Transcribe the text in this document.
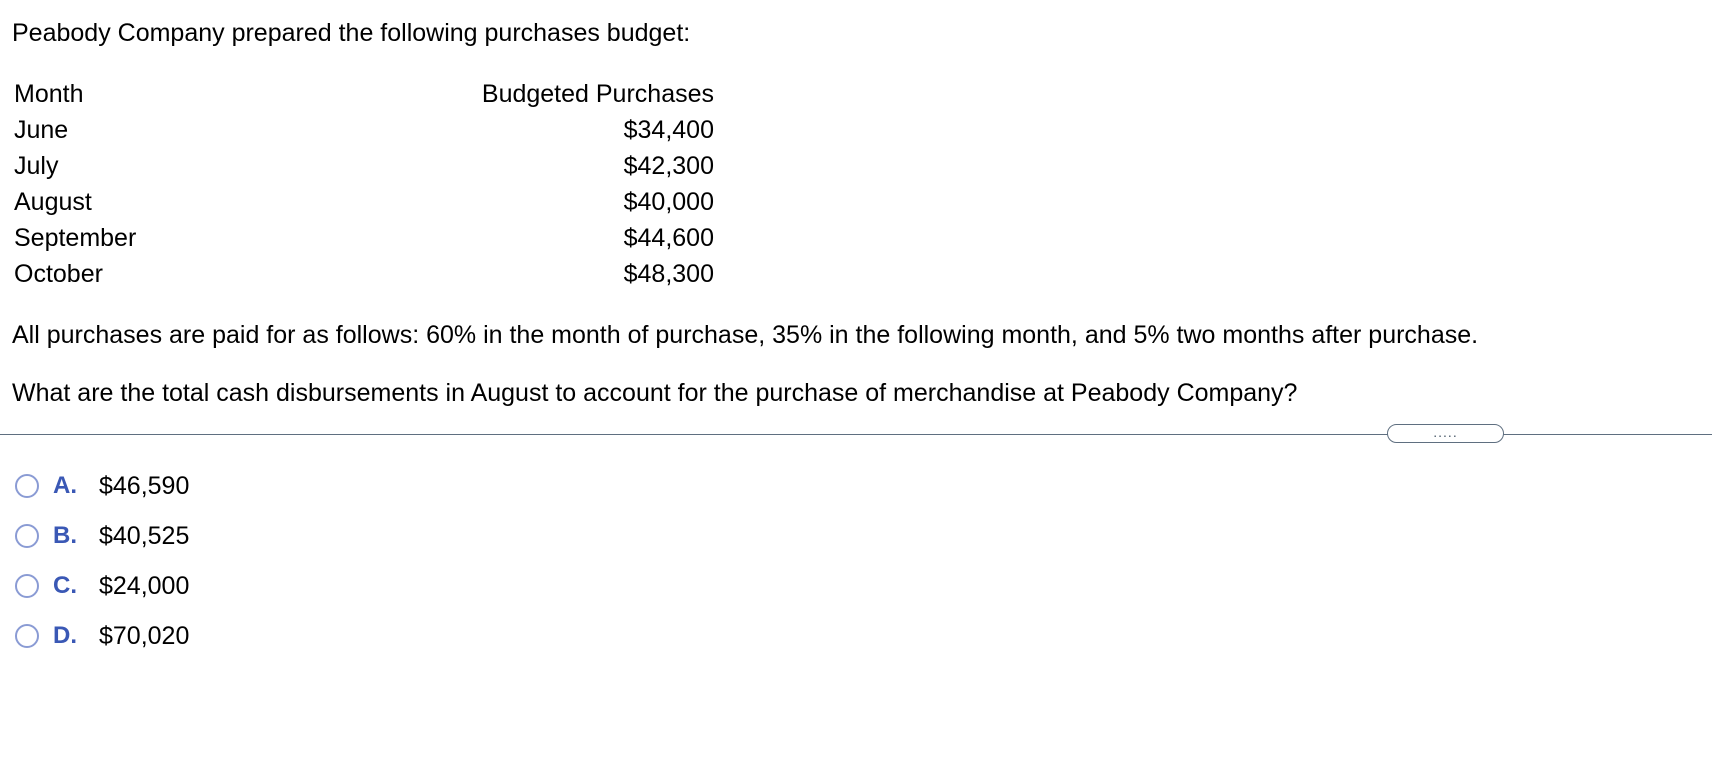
Peabody Company prepared the following purchases budget:

Month	Budgeted Purchases
June	$34,400
July	$42,300
August	$40,000
September	$44,600
October	$48,300

All purchases are paid for as follows: 60% in the month of purchase, 35% in the following month, and 5% two months after purchase.

What are the total cash disbursements in August to account for the purchase of merchandise at Peabody Company?

.....
A. $46,590
B. $40,525
C. $24,000
D. $70,020
